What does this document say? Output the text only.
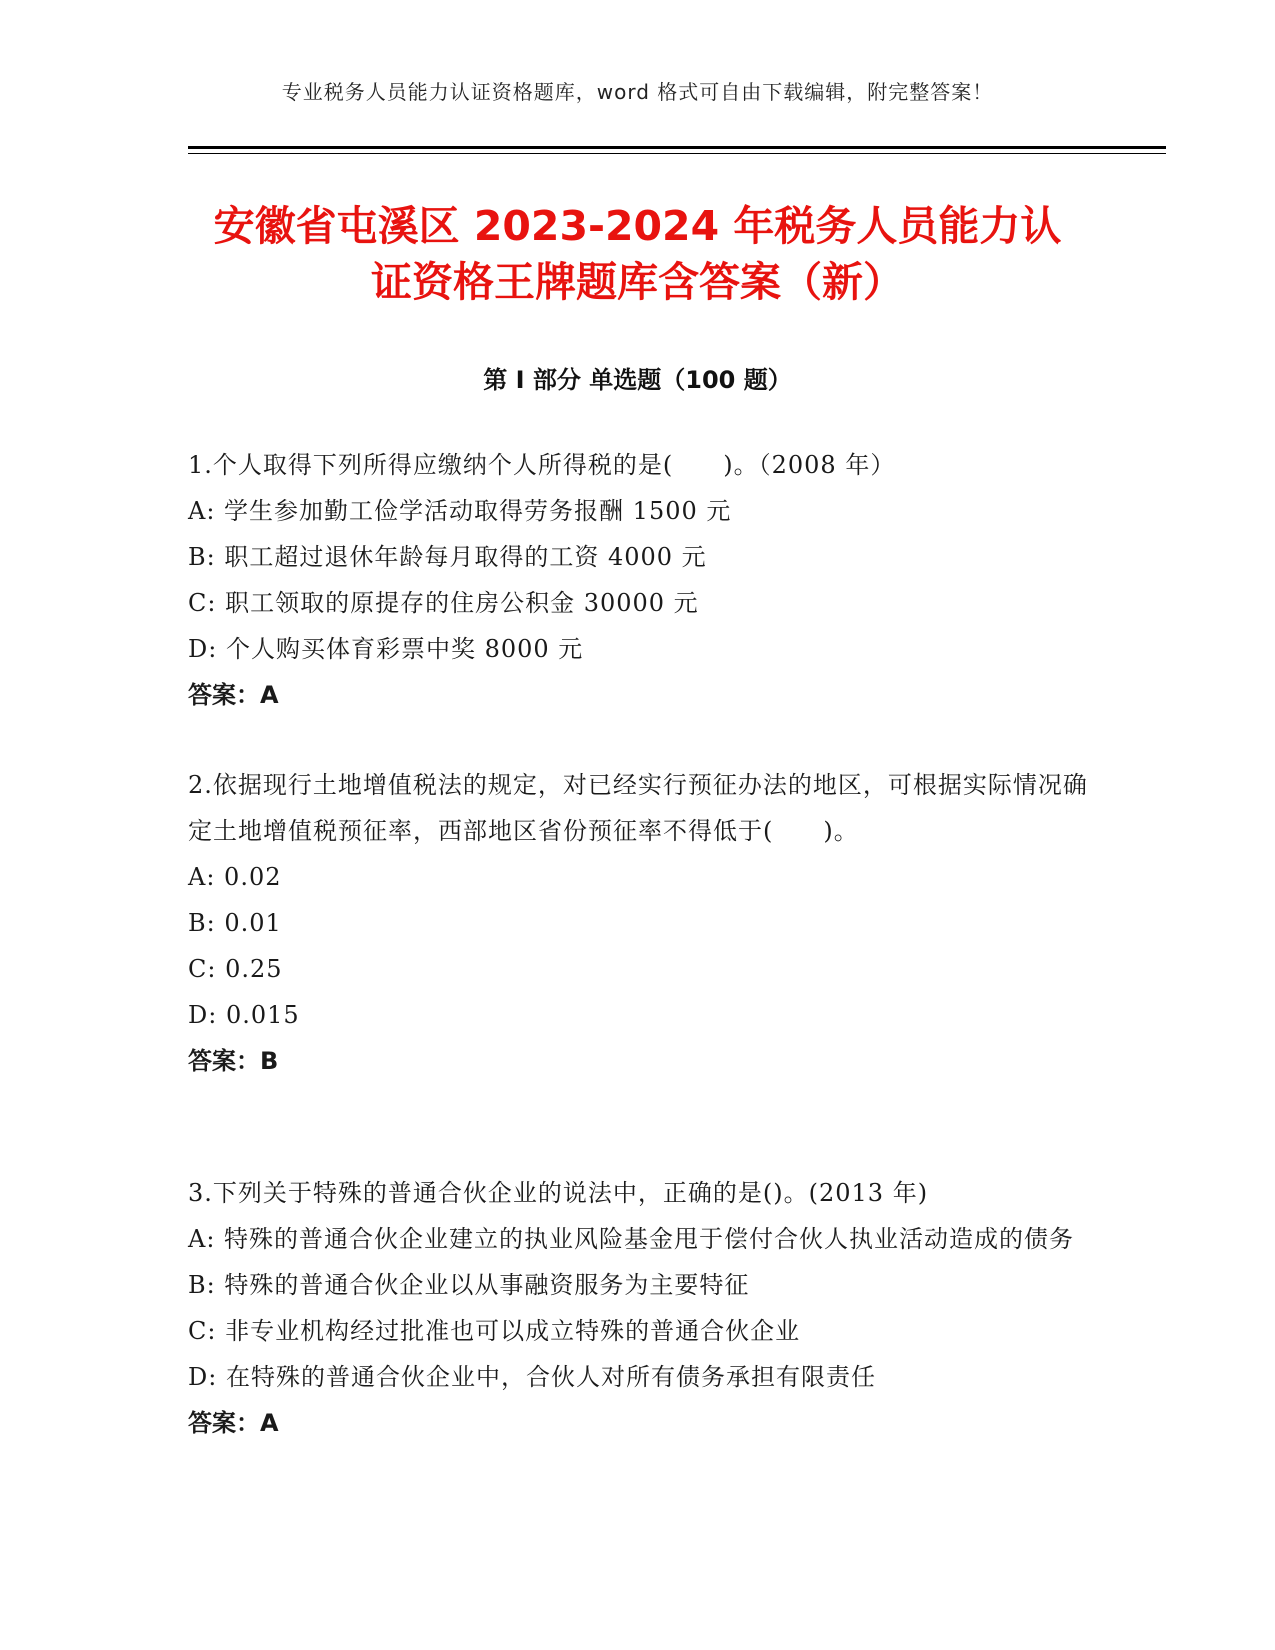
专业税务人员能力认证资格题库，word 格式可自由下载编辑，附完整答案！
安徽省屯溪区 2023-2024 年税务人员能力认
证资格王牌题库含答案（新）
第 I 部分 单选题（100 题）

1.个人取得下列所得应缴纳个人所得税的是(　　)。（2008 年）

A: 学生参加勤工俭学活动取得劳务报酬 1500 元

B: 职工超过退休年龄每月取得的工资 4000 元

C: 职工领取的原提存的住房公积金 30000 元

D: 个人购买体育彩票中奖 8000 元

答案：A

2.依据现行土地增值税法的规定，对已经实行预征办法的地区，可根据实际情况确定土地增值税预征率，西部地区省份预征率不得低于(　　)。

A: 0.02

B: 0.01

C: 0.25

D: 0.015

答案：B

3.下列关于特殊的普通合伙企业的说法中，正确的是()。(2013 年)

A: 特殊的普通合伙企业建立的执业风险基金甩于偿付合伙人执业活动造成的债务

B: 特殊的普通合伙企业以从事融资服务为主要特征

C: 非专业机构经过批准也可以成立特殊的普通合伙企业

D: 在特殊的普通合伙企业中，合伙人对所有债务承担有限责任

答案：A
